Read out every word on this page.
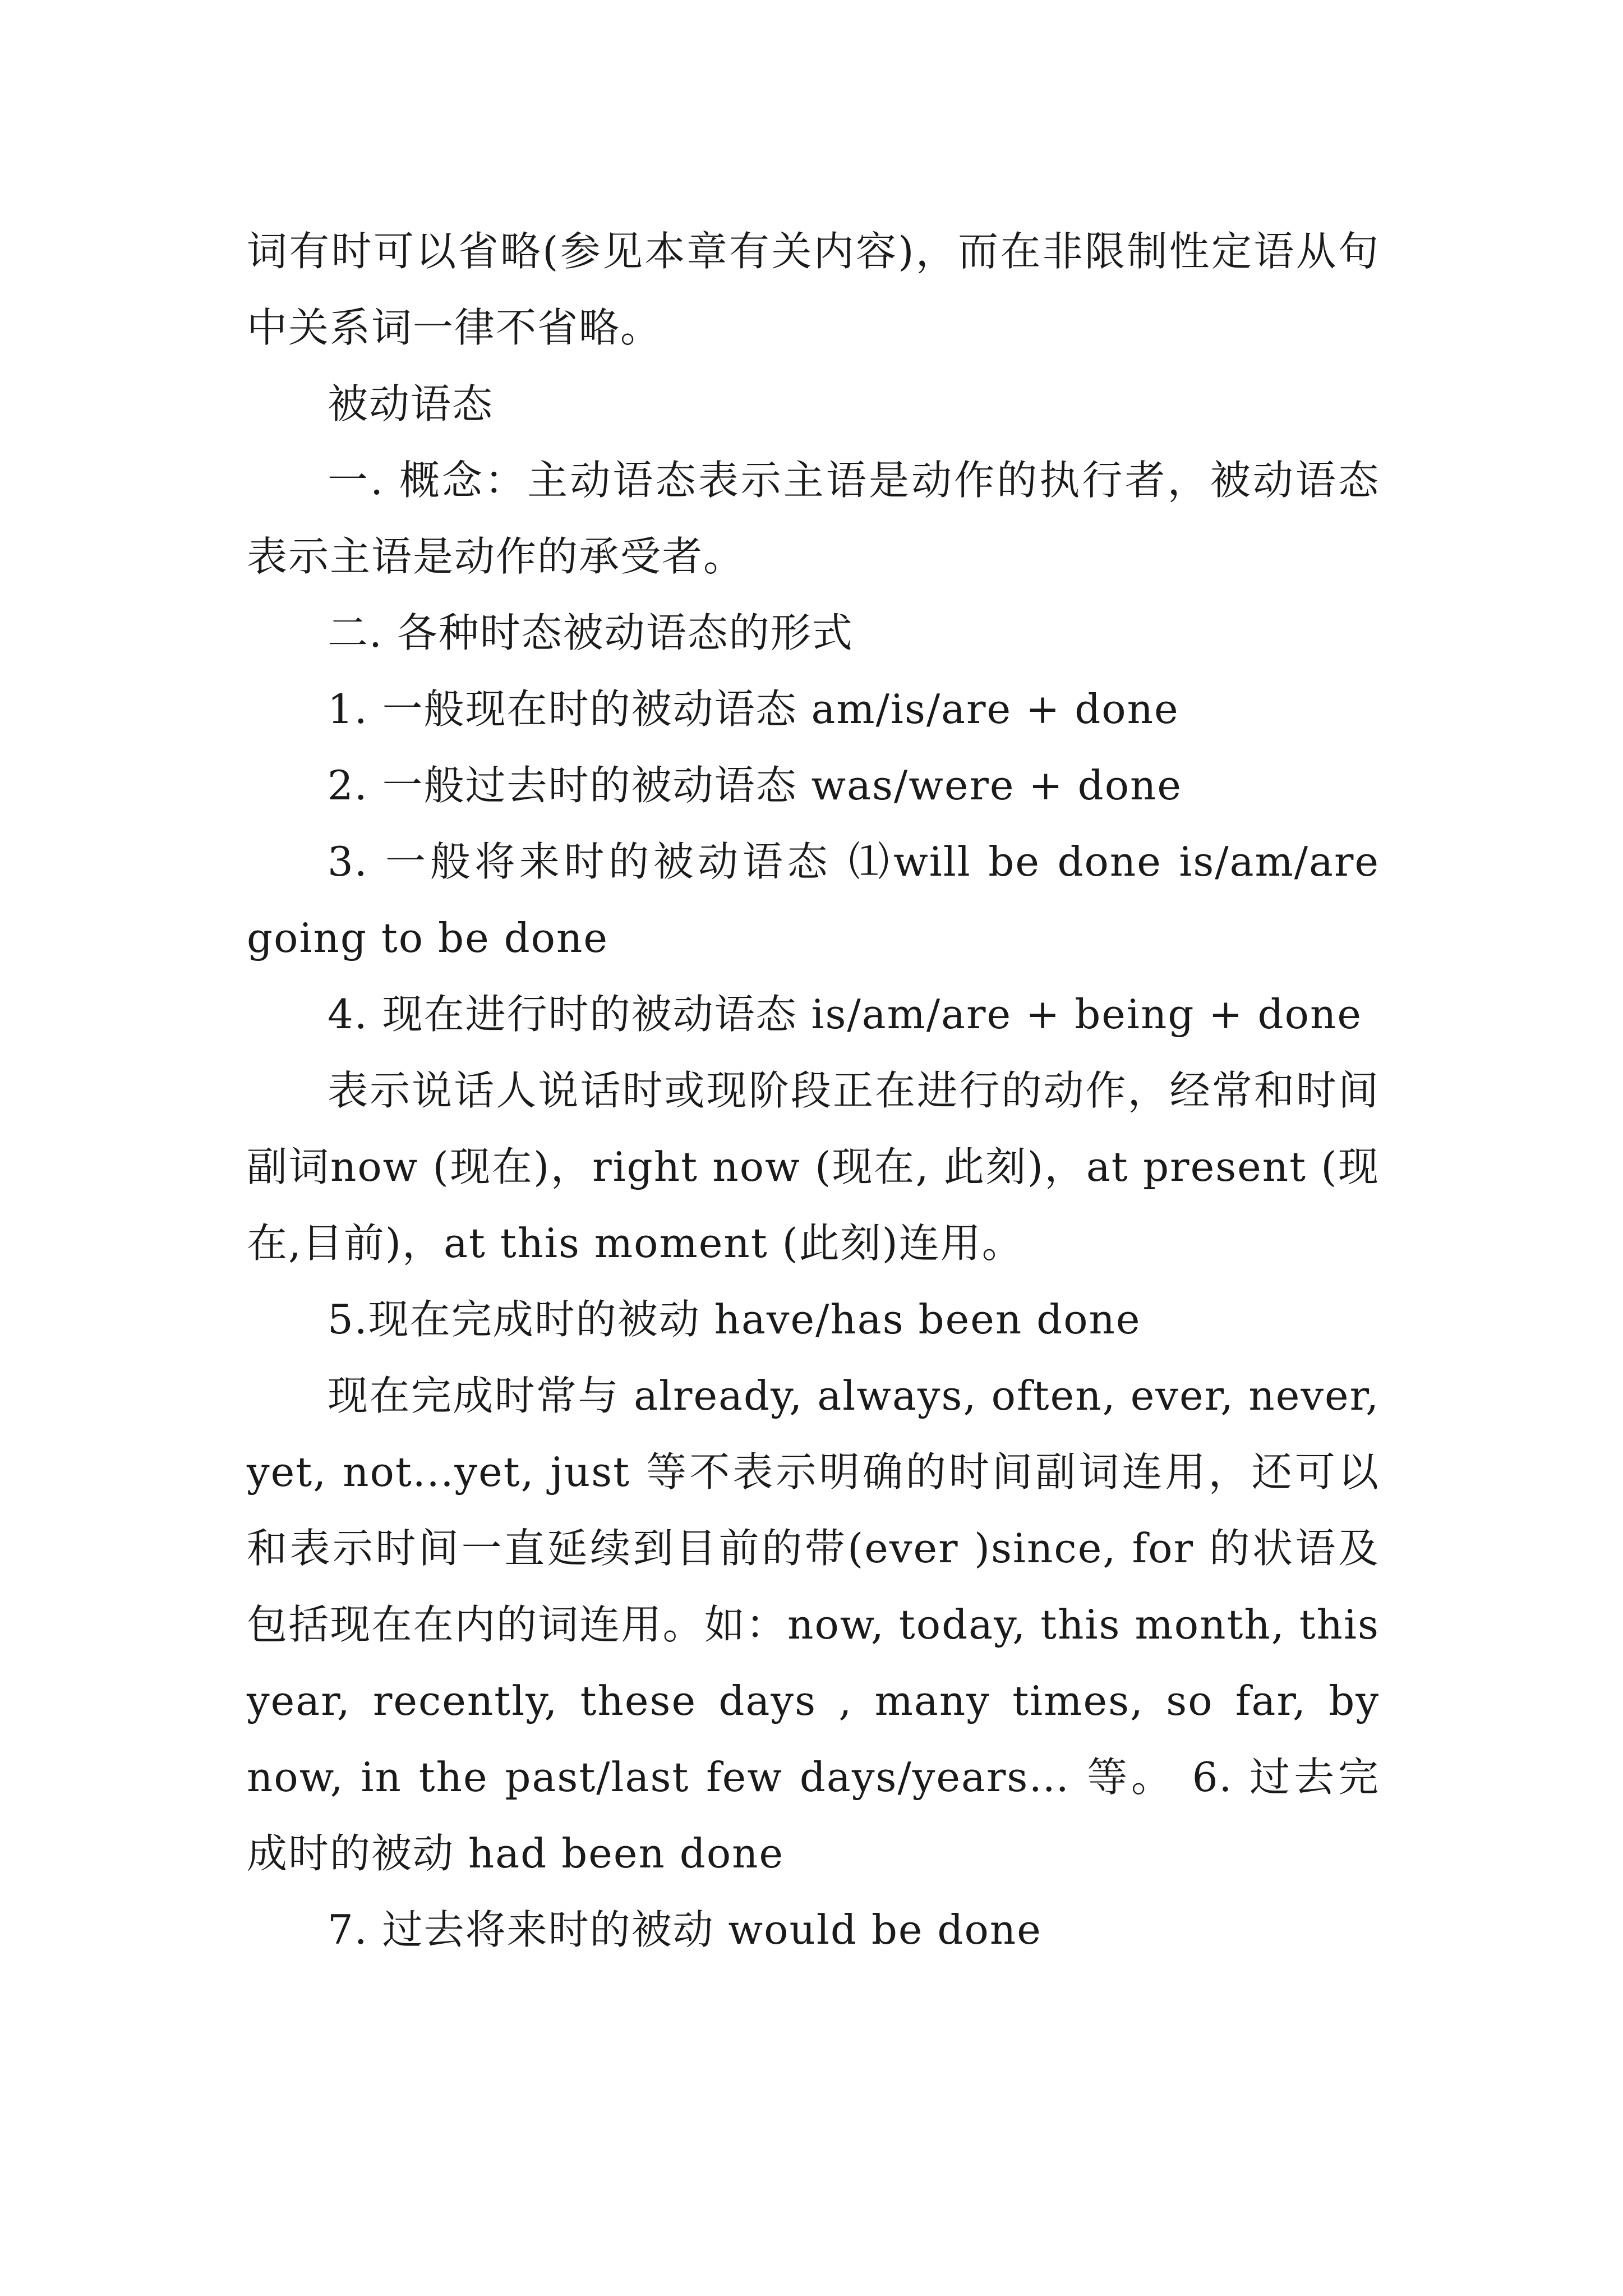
词有时可以省略(参见本章有关内容)，而在非限制性定语从句中关系词一律不省略。

被动语态

一. 概念：主动语态表示主语是动作的执行者，被动语态表示主语是动作的承受者。

二. 各种时态被动语态的形式

1. 一般现在时的被动语态 am/is/are + done

2. 一般过去时的被动语态 was/were + done

3. 一般将来时的被动语态 ⑴will be done is/am/are going to be done

4. 现在进行时的被动语态 is/am/are + being + done

表示说话人说话时或现阶段正在进行的动作，经常和时间副词now (现在)，right now (现在, 此刻)，at present (现在,目前)，at this moment (此刻)连用。

5.现在完成时的被动 have/has been done

现在完成时常与 already, always, often, ever, never, yet, not...yet, just 等不表示明确的时间副词连用，还可以和表示时间一直延续到目前的带(ever )since, for 的状语及包括现在在内的词连用。如：now, today, this month, this year, recently, these days , many times, so far, by now, in the past/last few days/years… 等。 6. 过去完成时的被动 had been done

7. 过去将来时的被动 would be done
